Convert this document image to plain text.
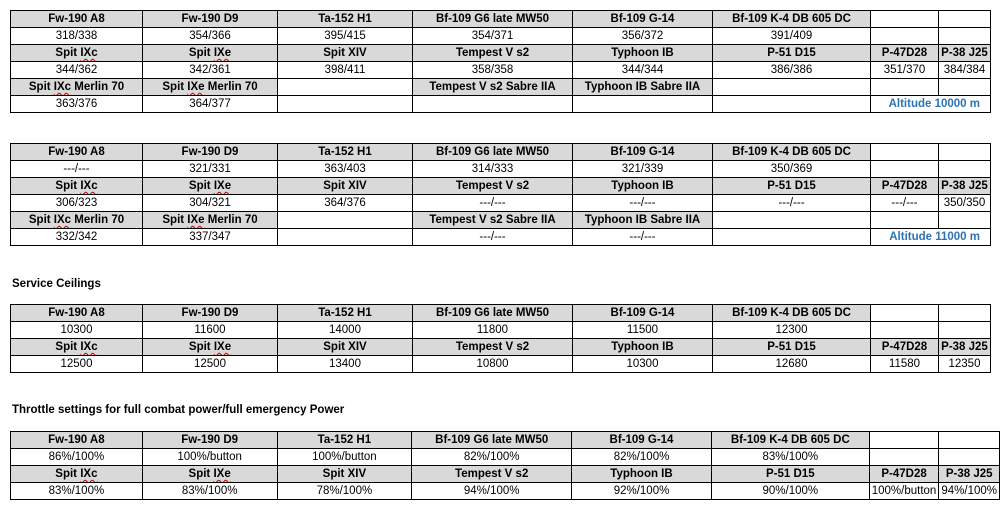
Fw-190 A8	Fw-190 D9	Ta-152 H1	Bf-109 G6 late MW50	Bf-109 G-14	Bf-109 K-4 DB 605 DC		
318/338	354/366	395/415	354/371	356/372	391/409		
Spit IXc	Spit IXe	Spit XIV	Tempest V s2	Typhoon IB	P-51 D15	P-47D28	P-38 J25
344/362	342/361	398/411	358/358	344/344	386/386	351/370	384/384
Spit IXc Merlin 70	Spit IXe Merlin 70		Tempest V s2 Sabre IIA	Typhoon IB Sabre IIA			
363/376	364/377					Altitude 10000 m	
Fw-190 A8	Fw-190 D9	Ta-152 H1	Bf-109 G6 late MW50	Bf-109 G-14	Bf-109 K-4 DB 605 DC		
---/---	321/331	363/403	314/333	321/339	350/369		
Spit IXc	Spit IXe	Spit XIV	Tempest V s2	Typhoon IB	P-51 D15	P-47D28	P-38 J25
306/323	304/321	364/376	---/---	---/---	---/---	---/---	350/350
Spit IXc Merlin 70	Spit IXe Merlin 70		Tempest V s2 Sabre IIA	Typhoon IB Sabre IIA			
332/342	337/347		---/---	---/---		Altitude 11000 m	
Service Ceilings
Fw-190 A8	Fw-190 D9	Ta-152 H1	Bf-109 G6 late MW50	Bf-109 G-14	Bf-109 K-4 DB 605 DC		
10300	11600	14000	11800	11500	12300		
Spit IXc	Spit IXe	Spit XIV	Tempest V s2	Typhoon IB	P-51 D15	P-47D28	P-38 J25
12500	12500	13400	10800	10300	12680	11580	12350
Throttle settings for full combat power/full emergency Power
Fw-190 A8	Fw-190 D9	Ta-152 H1	Bf-109 G6 late MW50	Bf-109 G-14	Bf-109 K-4 DB 605 DC		
86%/100%	100%/button	100%/button	82%/100%	82%/100%	83%/100%		
Spit IXc	Spit IXe	Spit XIV	Tempest V s2	Typhoon IB	P-51 D15	P-47D28	P-38 J25
83%/100%	83%/100%	78%/100%	94%/100%	92%/100%	90%/100%	100%/button	94%/100%
